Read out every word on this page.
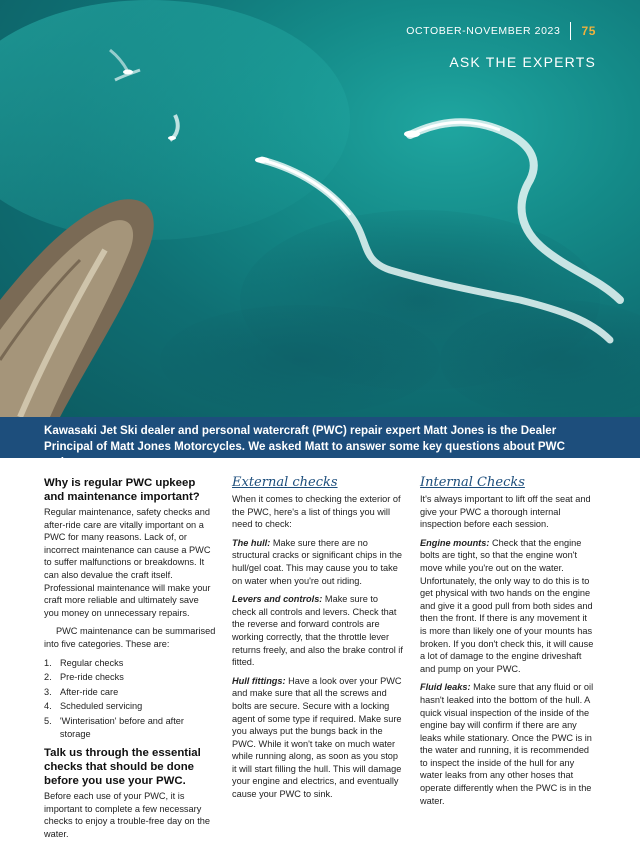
OCTOBER-NOVEMBER 2023 75
ASK THE EXPERTS
Kawasaki Jet Ski dealer and personal watercraft (PWC) repair expert Matt Jones is the Dealer Principal of Matt Jones Motorcycles. We asked Matt to answer some key questions about PWC maintenance.
Why is regular PWC upkeep and maintenance important?

Regular maintenance, safety checks and after-ride care are vitally important on a PWC for many reasons. Lack of, or incorrect maintenance can cause a PWC to suffer malfunctions or breakdowns. It can also devalue the craft itself. Professional maintenance will make your craft more reliable and ultimately save you money on unnecessary repairs.

PWC maintenance can be summarised into five categories. These are:

1. Regular checks
2. Pre-ride checks
3. After-ride care
4. Scheduled servicing
5. 'Winterisation' before and after storage
Talk us through the essential checks that should be done before you use your PWC.

Before each use of your PWC, it is important to complete a few necessary checks to enjoy a trouble-free day on the water.

External checks

When it comes to checking the exterior of the PWC, here's a list of things you will need to check:

The hull: Make sure there are no structural cracks or significant chips in the hull/gel coat. This may cause you to take on water when you're out riding.

Levers and controls: Make sure to check all controls and levers. Check that the reverse and forward controls are working correctly, that the throttle lever returns freely, and also the brake control if fitted.

Hull fittings: Have a look over your PWC and make sure that all the screws and bolts are secure. Secure with a locking agent of some type if required. Make sure you always put the bungs back in the PWC. While it won't take on much water while running along, as soon as you stop it will start filling the hull. This will damage your engine and electrics, and eventually cause your PWC to sink.

Internal Checks

It's always important to lift off the seat and give your PWC a thorough internal inspection before each session.

Engine mounts: Check that the engine bolts are tight, so that the engine won't move while you're out on the water. Unfortunately, the only way to do this is to get physical with two hands on the engine and give it a good pull from both sides and then the front. If there is any movement it is more than likely one of your mounts has broken. If you don't check this, it will cause a lot of damage to the engine driveshaft and pump on your PWC.

Fluid leaks: Make sure that any fluid or oil hasn't leaked into the bottom of the hull. A quick visual inspection of the inside of the engine bay will confirm if there are any leaks while stationary. Once the PWC is in the water and running, it is recommended to inspect the inside of the hull for any water leaks from any other hoses that operate differently when the PWC is in the water.
